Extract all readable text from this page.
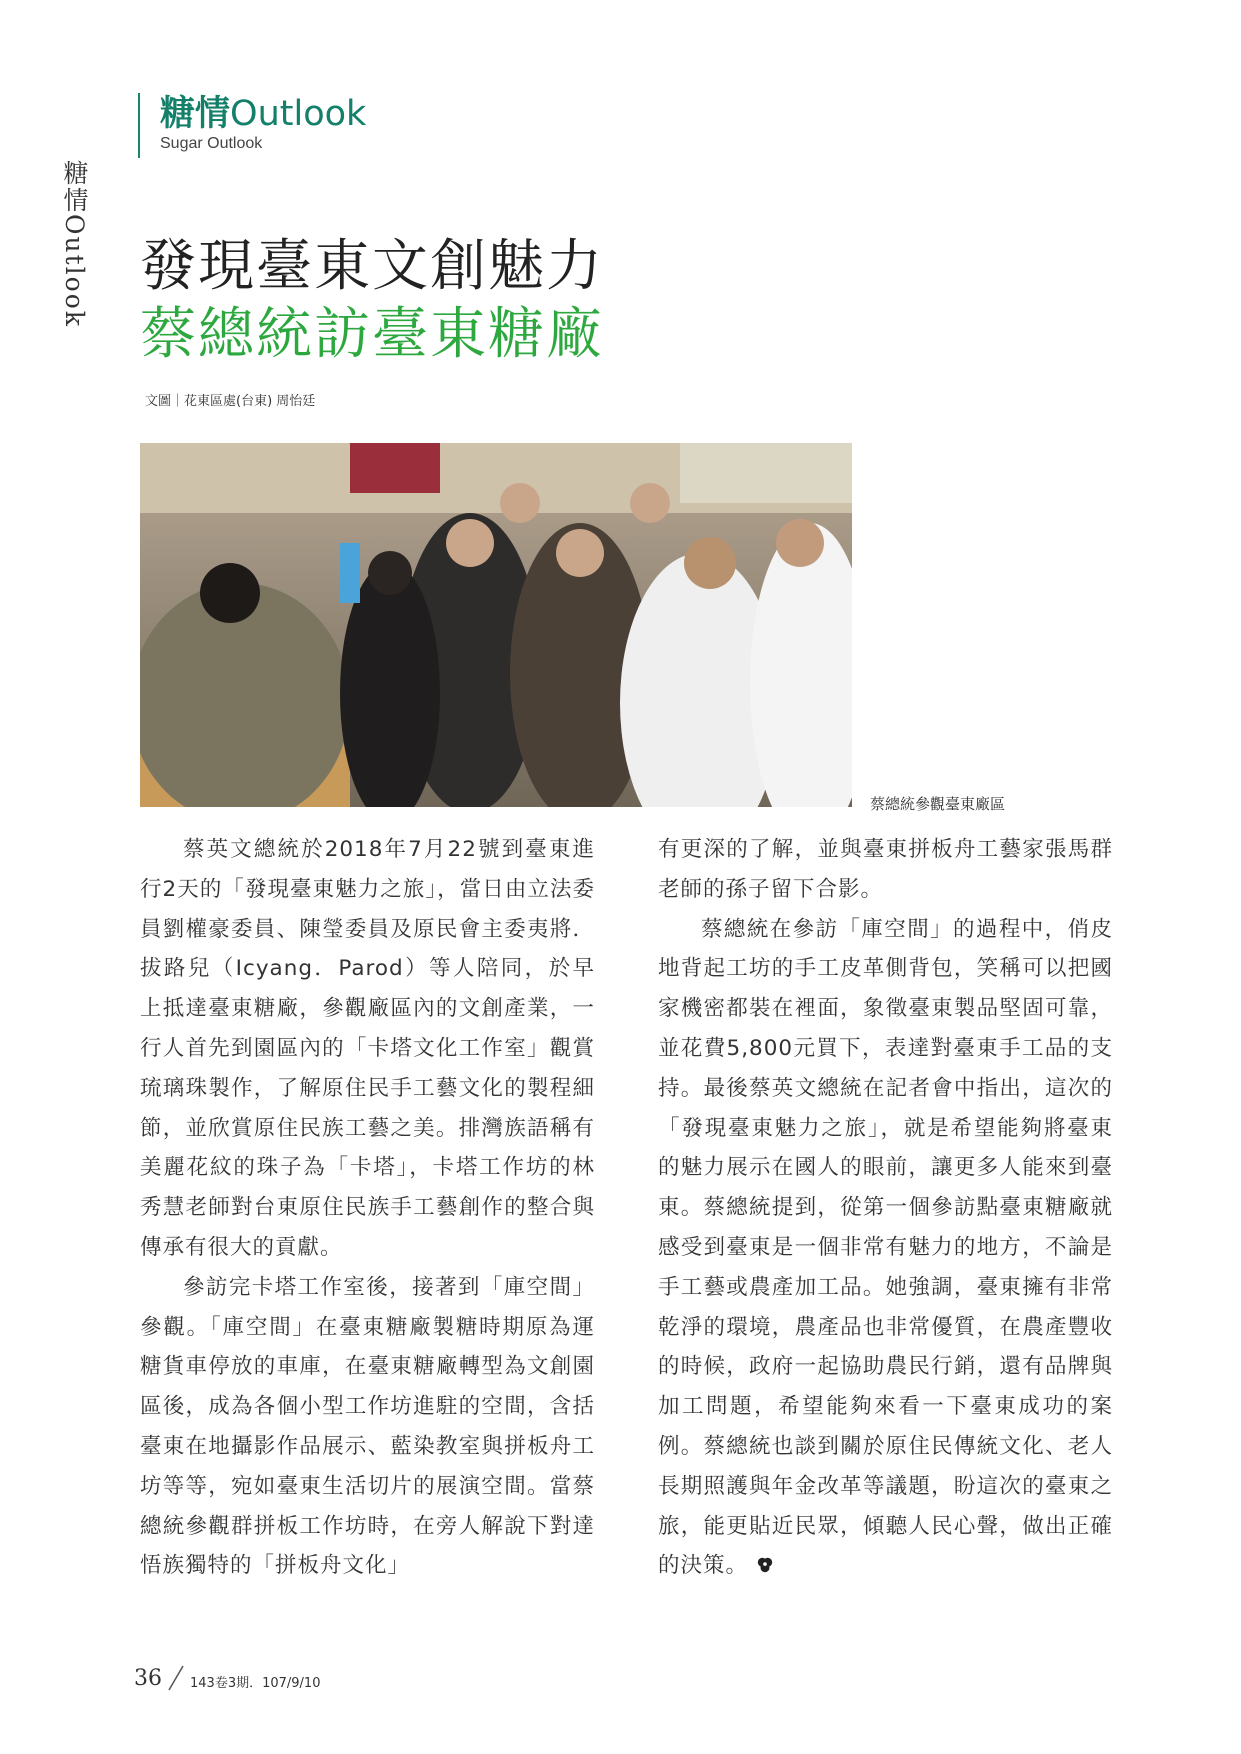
糖情Outlook
糖情Outlook
Sugar Outlook
發現臺東文創魅力
蔡總統訪臺東糖廠
文圖｜花東區處(台東) 周怡廷
蔡總統參觀臺東廠區

蔡英文總統於2018年7月22號到臺東進行2天的「發現臺東魅力之旅」，當日由立法委員劉權豪委員、陳瑩委員及原民會主委夷將．拔路兒（Icyang．Parod）等人陪同，於早上抵達臺東糖廠，參觀廠區內的文創產業，一行人首先到園區內的「卡塔文化工作室」觀賞琉璃珠製作，了解原住民手工藝文化的製程細節，並欣賞原住民族工藝之美。排灣族語稱有美麗花紋的珠子為「卡塔」，卡塔工作坊的林秀慧老師對台東原住民族手工藝創作的整合與傳承有很大的貢獻。

參訪完卡塔工作室後，接著到「庫空間」參觀。「庫空間」在臺東糖廠製糖時期原為運糖貨車停放的車庫，在臺東糖廠轉型為文創園區後，成為各個小型工作坊進駐的空間，含括臺東在地攝影作品展示、藍染教室與拼板舟工坊等等，宛如臺東生活切片的展演空間。當蔡總統參觀群拼板工作坊時，在旁人解說下對達悟族獨特的「拼板舟文化」

有更深的了解，並與臺東拼板舟工藝家張馬群老師的孫子留下合影。

蔡總統在參訪「庫空間」的過程中，俏皮地背起工坊的手工皮革側背包，笑稱可以把國家機密都裝在裡面，象徵臺東製品堅固可靠，並花費5,800元買下，表達對臺東手工品的支持。最後蔡英文總統在記者會中指出，這次的「發現臺東魅力之旅」，就是希望能夠將臺東的魅力展示在國人的眼前，讓更多人能來到臺東。蔡總統提到，從第一個參訪點臺東糖廠就感受到臺東是一個非常有魅力的地方，不論是手工藝或農產加工品。她強調，臺東擁有非常乾淨的環境，農產品也非常優質，在農產豐收的時候，政府一起協助農民行銷，還有品牌與加工問題，希望能夠來看一下臺東成功的案例。蔡總統也談到關於原住民傳統文化、老人長期照護與年金改革等議題，盼這次的臺東之旅，能更貼近民眾，傾聽人民心聲，做出正確的決策。

36 143卷3期．107/9/10
